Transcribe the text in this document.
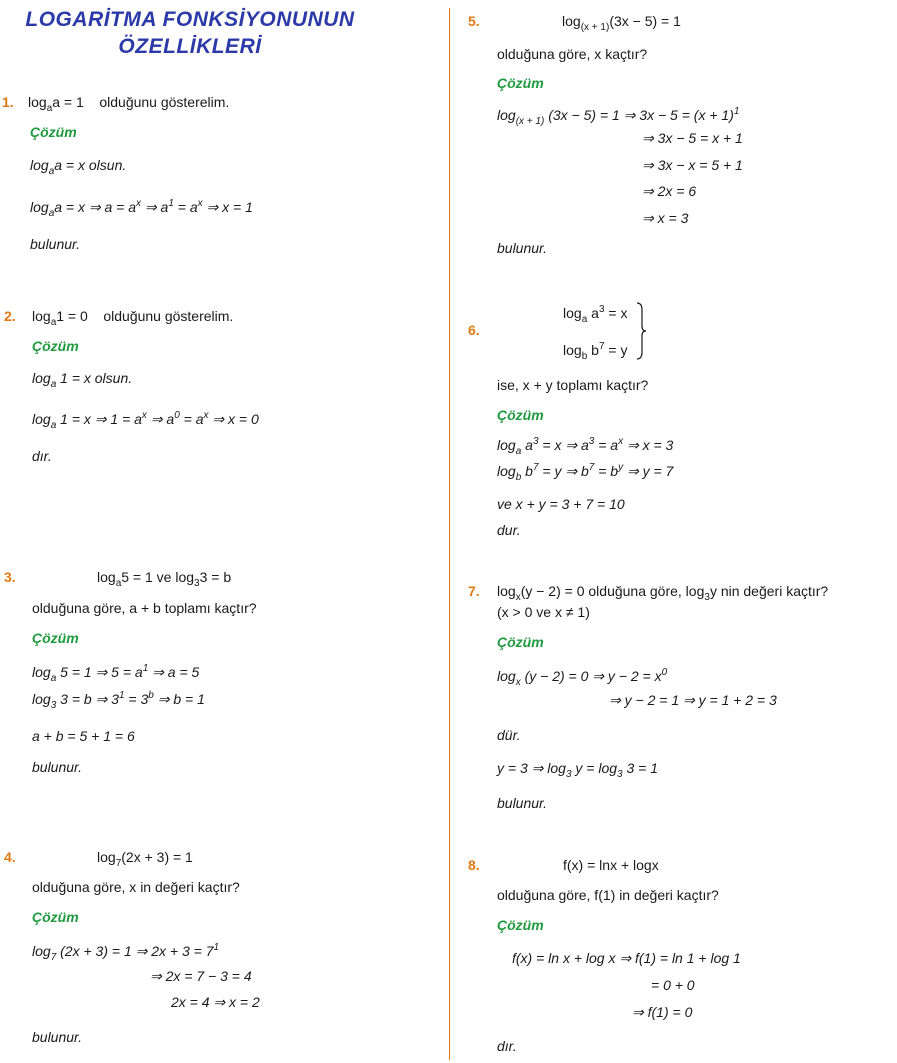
LOGARİTMA FONKSİYONUNUN
ÖZELLİKLERİ
1. $\log_aa = 1$    olduğunu gösterelim.
Çözüm
$\log_aa = x$ olsun.
$\log_aa = x$ ⇒ $a = a^x$ ⇒ $a^1 = a^x$ ⇒ x = 1
bulunur.
2. $\log_a1 = 0$    olduğunu gösterelim.
Çözüm
$\log_a 1 = x$ olsun.
$\log_a 1 = x$ ⇒ $1 = a^x$ ⇒ $a^0 = a^x$ ⇒ x = 0
dır.
3.	$\log_a5 = 1$ ve $\log_33 = b$
olduğuna göre, a + b toplamı kaçtır?
Çözüm
$\log_a 5 = 1$ ⇒ $5 = a^1$ ⇒ a = 5
$\log_3 3 = b$ ⇒ $3^1 = 3^b$ ⇒ b = 1
a + b = 5 + 1 = 6
bulunur.
4.	$\log_7(2x + 3) = 1$
olduğuna göre, x in değeri kaçtır?
Çözüm
$\log_7 (2x + 3) = 1$ ⇒ $2x + 3 = 7^1$
⇒ 2x = 7 − 3 = 4
2x = 4 ⇒ x = 2
bulunur.
5.	$\log_{(x + 1)}(3x - 5) = 1$
olduğuna göre, x kaçtır?
Çözüm
$\log_{(x + 1)} (3x - 5) = 1$ ⇒ $3x - 5 = (x + 1)^1$
⇒ 3x − 5 = x + 1
⇒ 3x − x = 5 + 1
⇒ 2x = 6
⇒ x = 3
bulunur.
6.
$\log_a a^3 = x$
$\log_b b^7 = y$
ise, x + y toplamı kaçtır?
Çözüm
$\log_a a^3 = x$ ⇒ $a^3 = a^x$ ⇒ x = 3
$\log_b b^7 = y$ ⇒ $b^7 = b^y$ ⇒ y = 7
ve x + y = 3 + 7 = 10
dur.
7. $\log_x(y - 2) = 0$ olduğuna göre, $\log_3y$ nin değeri kaçtır?
(x > 0 ve x ≠ 1)
Çözüm
$\log_x (y - 2) = 0$ ⇒ $y - 2 = x^0$
⇒ y − 2 = 1 ⇒ y = 1 + 2 = 3
dür.
y = 3 ⇒ $\log_3 y = \log_3 3 = 1$
bulunur.
8.	f(x) = lnx + logx
olduğuna göre, f(1) in değeri kaçtır?
Çözüm
f(x) = ln x + log x ⇒ f(1) = ln 1 + log 1
= 0 + 0
⇒ f(1) = 0
dır.
